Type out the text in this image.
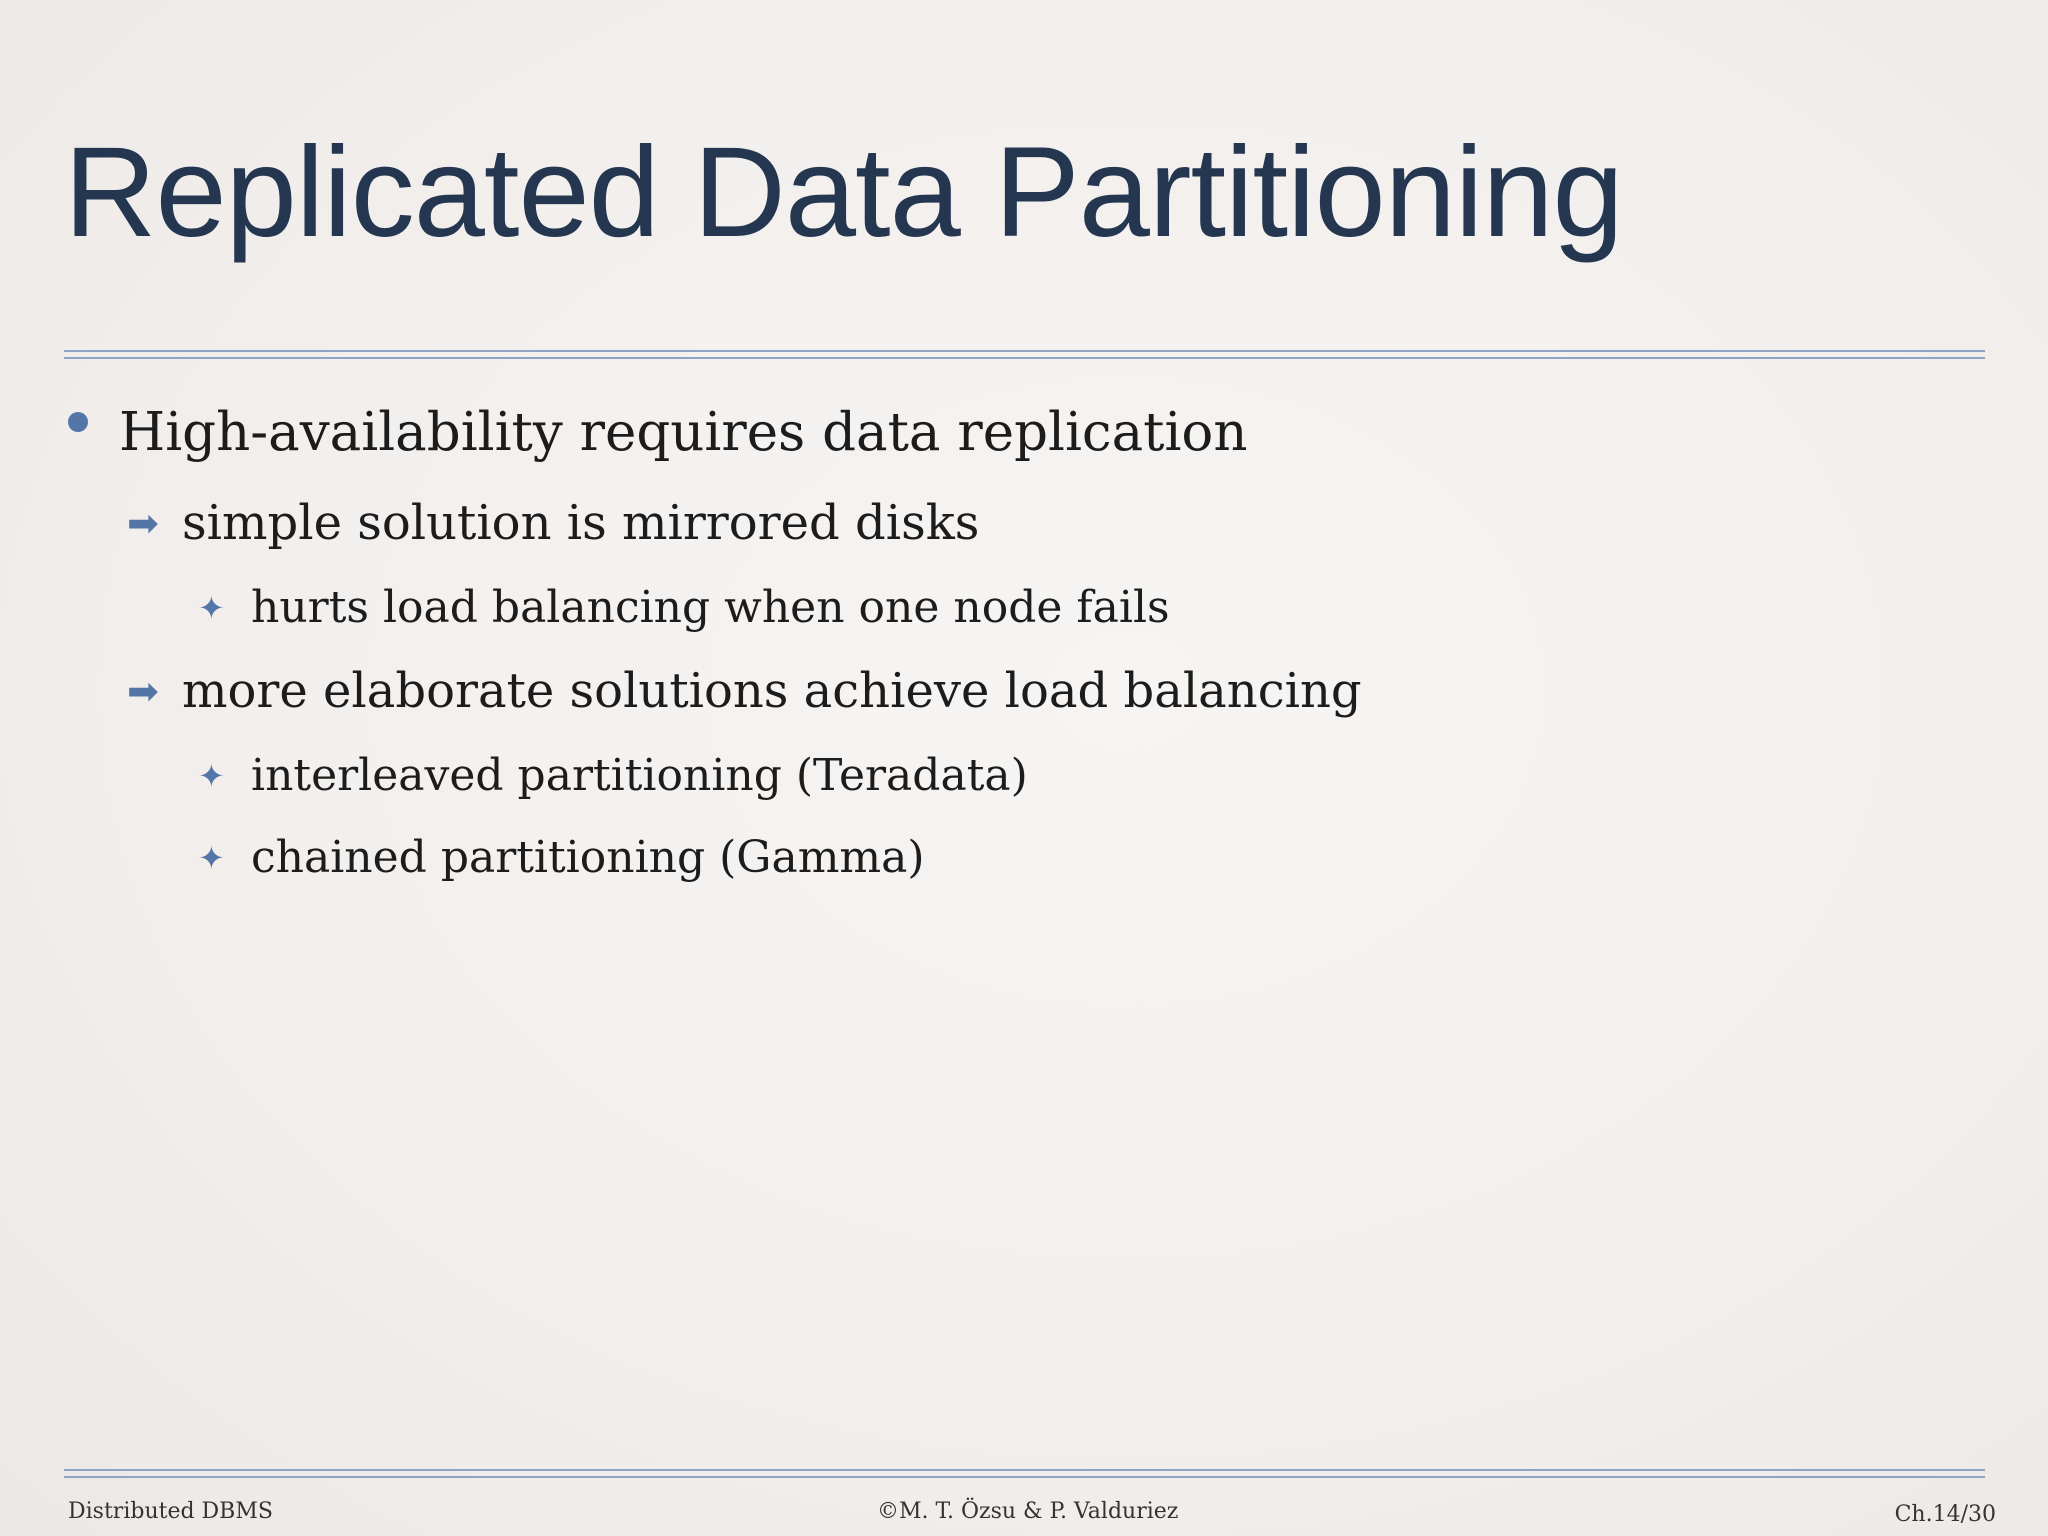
Replicated Data Partitioning
High-availability requires data replication
➡ simple solution is mirrored disks
✦ hurts load balancing when one node fails
➡ more elaborate solutions achieve load balancing
✦ interleaved partitioning (Teradata)
✦ chained partitioning (Gamma)
Distributed DBMS	©M. T. Özsu & P. Valduriez	Ch.14/30
